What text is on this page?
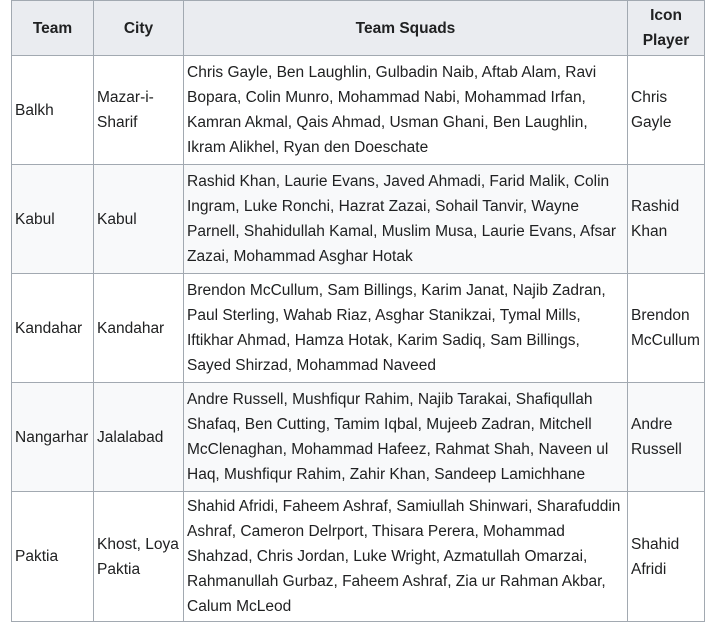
Team	City	Team Squads	Icon Player
Balkh	Mazar-i-Sharif	Chris Gayle, Ben Laughlin, Gulbadin Naib, Aftab Alam, Ravi Bopara, Colin Munro, Mohammad Nabi, Mohammad Irfan, Kamran Akmal, Qais Ahmad, Usman Ghani, Ben Laughlin, Ikram Alikhel, Ryan den Doeschate	Chris Gayle
Kabul	Kabul	Rashid Khan, Laurie Evans, Javed Ahmadi, Farid Malik, Colin Ingram, Luke Ronchi, Hazrat Zazai, Sohail Tanvir, Wayne Parnell, Shahidullah Kamal, Muslim Musa, Laurie Evans, Afsar Zazai, Mohammad Asghar Hotak	Rashid Khan
Kandahar	Kandahar	Brendon McCullum, Sam Billings, Karim Janat, Najib Zadran, Paul Sterling, Wahab Riaz, Asghar Stanikzai, Tymal Mills, Iftikhar Ahmad, Hamza Hotak, Karim Sadiq, Sam Billings, Sayed Shirzad, Mohammad Naveed	Brendon McCullum
Nangarhar	Jalalabad	Andre Russell, Mushfiqur Rahim, Najib Tarakai, Shafiqullah Shafaq, Ben Cutting, Tamim Iqbal, Mujeeb Zadran, Mitchell McClenaghan, Mohammad Hafeez, Rahmat Shah, Naveen ul Haq, Mushfiqur Rahim, Zahir Khan, Sandeep Lamichhane	Andre Russell
Paktia	Khost, Loya Paktia	Shahid Afridi, Faheem Ashraf, Samiullah Shinwari, Sharafuddin Ashraf, Cameron Delrport, Thisara Perera, Mohammad Shahzad, Chris Jordan, Luke Wright, Azmatullah Omarzai, Rahmanullah Gurbaz, Faheem Ashraf, Zia ur Rahman Akbar, Calum McLeod	Shahid Afridi
